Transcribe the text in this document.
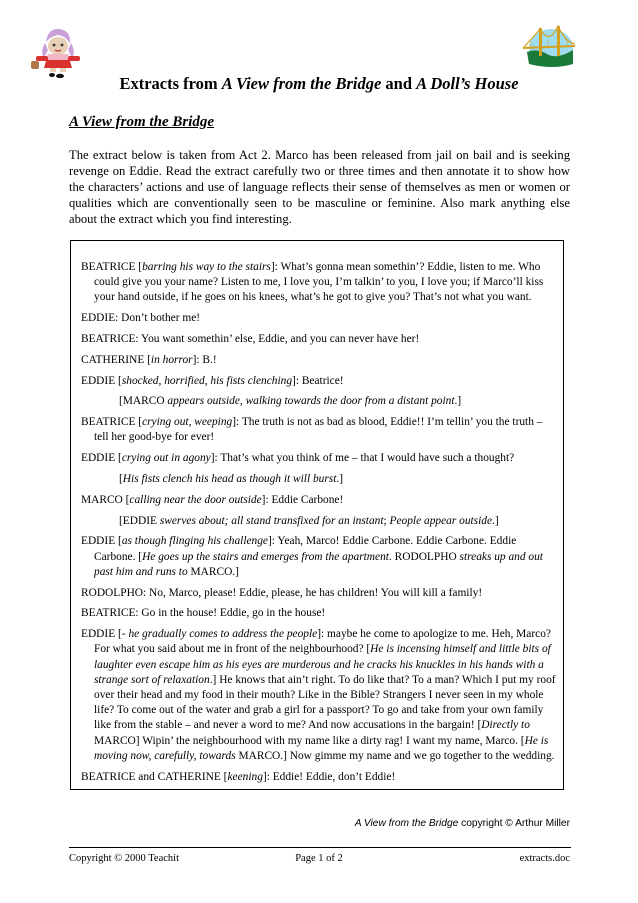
Extracts from A View from the Bridge and A Doll’s House
A View from the Bridge

The extract below is taken from Act 2. Marco has been released from jail on bail and is seeking revenge on Eddie. Read the extract carefully two or three times and then annotate it to show how the characters’ actions and use of language reflects their sense of themselves as men or women or qualities which are conventionally seen to be masculine or feminine. Also mark anything else about the extract which you find interesting.

BEATRICE [barring his way to the stairs]: What’s gonna mean somethin’? Eddie, listen to me. Who could give you your name? Listen to me, I love you, I’m talkin’ to you, I love you; if Marco’ll kiss your hand outside, if he goes on his knees, what’s he got to give you? That’s not what you want.

EDDIE: Don’t bother me!

BEATRICE: You want somethin’ else, Eddie, and you can never have her!

CATHERINE [in horror]: B.!

EDDIE [shocked, horrified, his fists clenching]: Beatrice!

[MARCO appears outside, walking towards the door from a distant point.]

BEATRICE [crying out, weeping]: The truth is not as bad as blood, Eddie!! I’m tellin’ you the truth – tell her good-bye for ever!

EDDIE [crying out in agony]: That’s what you think of me – that I would have such a thought?

[His fists clench his head as though it will burst.]

MARCO [calling near the door outside]: Eddie Carbone!

[EDDIE swerves about; all stand transfixed for an instant; People appear outside.]

EDDIE [as though flinging his challenge]: Yeah, Marco! Eddie Carbone. Eddie Carbone. Eddie Carbone. [He goes up the stairs and emerges from the apartment. RODOLPHO streaks up and out past him and runs to MARCO.]

RODOLPHO: No, Marco, please! Eddie, please, he has children! You will kill a family!

BEATRICE: Go in the house! Eddie, go in the house!

EDDIE [- he gradually comes to address the people]: maybe he come to apologize to me. Heh, Marco? For what you said about me in front of the neighbourhood? [He is incensing himself and little bits of laughter even escape him as his eyes are murderous and he cracks his knuckles in his hands with a strange sort of relaxation.] He knows that ain’t right. To do like that? To a man? Which I put my roof over their head and my food in their mouth? Like in the Bible? Strangers I never seen in my whole life? To come out of the water and grab a girl for a passport? To go and take from your own family like from the stable – and never a word to me? And now accusations in the bargain! [Directly to MARCO] Wipin’ the neighbourhood with my name like a dirty rag! I want my name, Marco. [He is moving now, carefully, towards MARCO.] Now gimme my name and we go together to the wedding.

BEATRICE and CATHERINE [keening]: Eddie! Eddie, don’t Eddie!

A View from the Bridge copyright © Arthur Miller
Copyright © 2000 Teachit	Page 1 of 2	extracts.doc
